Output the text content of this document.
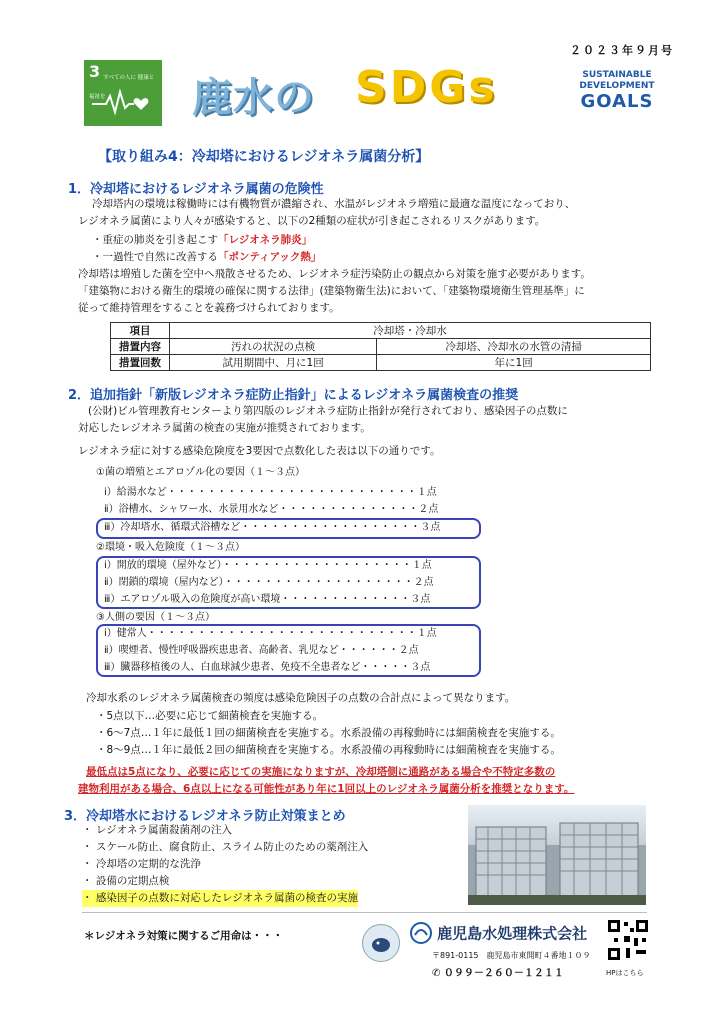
２０２３年９月号
3 すべての人に 健康と福祉を	鹿水の SDGs	SUSTAINABLE
DEVELOPMENT
GOALS
【取り組み4：冷却塔におけるレジオネラ属菌分析】
1．冷却塔におけるレジオネラ属菌の危険性
冷却塔内の環境は稼働時には有機物質が濃縮され、水温がレジオネラ増殖に最適な温度になっており、
レジオネラ属菌により人々が感染すると、以下の2種類の症状が引き起こされるリスクがあります。
・重症の肺炎を引き起こす「レジオネラ肺炎」
・一過性で自然に改善する「ポンティアック熱」
冷却塔は増殖した菌を空中へ飛散させるため、レジオネラ症汚染防止の観点から対策を施す必要があります。
「建築物における衛生的環境の確保に関する法律」(建築物衛生法)において、「建築物環境衛生管理基準」に
従って維持管理をすることを義務づけられております。
項目	冷却塔・冷却水	
措置内容	汚れの状況の点検	冷却塔、冷却水の水管の清掃
措置回数	試用期間中、月に1回	年に1回
2．追加指針「新版レジオネラ症防止指針」によるレジオネラ属菌検査の推奨
(公財)ビル管理教育センターより第四版のレジオネラ症防止指針が発行されており、感染因子の点数に
対応したレジオネラ属菌の検査の実施が推奨されております。
レジオネラ症に対する感染危険度を3要因で点数化した表は以下の通りです。
①菌の増殖とエアロゾル化の要因（１～３点）
ⅰ）給湯水など・・・・・・・・・・・・・・・・・・・・・・・・・１点
ⅱ）浴槽水、シャワー水、水景用水など・・・・・・・・・・・・・・２点
ⅲ）冷却塔水、循環式浴槽など・・・・・・・・・・・・・・・・・・３点
②環境・吸入危険度（１～３点）
ⅰ）開放的環境（屋外など）・・・・・・・・・・・・・・・・・・・１点
ⅱ）閉鎖的環境（屋内など）・・・・・・・・・・・・・・・・・・・２点
ⅲ）エアロゾル吸入の危険度が高い環境・・・・・・・・・・・・・３点
③人側の要因（１～３点）
ⅰ）健常人・・・・・・・・・・・・・・・・・・・・・・・・・・・１点
ⅱ）喫煙者、慢性呼吸器疾患患者、高齢者、乳児など・・・・・・２点
ⅲ）臓器移植後の人、白血球減少患者、免疫不全患者など・・・・・３点
冷却水系のレジオネラ属菌検査の頻度は感染危険因子の点数の合計点によって異なります。
・5点以下…必要に応じて細菌検査を実施する。
・6～7点…１年に最低１回の細菌検査を実施する。水系設備の再稼動時には細菌検査を実施する。
・8～9点…１年に最低２回の細菌検査を実施する。水系設備の再稼動時には細菌検査を実施する。
最低点は5点になり、必要に応じての実施になりますが、冷却塔側に通路がある場合や不特定多数の
建物利用がある場合、6点以上になる可能性があり年に1回以上のレジオネラ属菌分析を推奨となります。
3．冷却塔水におけるレジオネラ防止対策まとめ
・ レジオネラ属菌殺菌剤の注入
・ スケール防止、腐食防止、スライム防止のための薬剤注入
・ 冷却塔の定期的な洗浄
・ 設備の定期点検
・ 感染因子の点数に対応したレジオネラ属菌の検査の実施
＊レジオネラ対策に関するご用命は・・・	鹿児島水処理株式会社
〒891-0115　鹿児島市東開町４番地１０９
✆ ０９９－２６０－１２１１	HPはこちら
